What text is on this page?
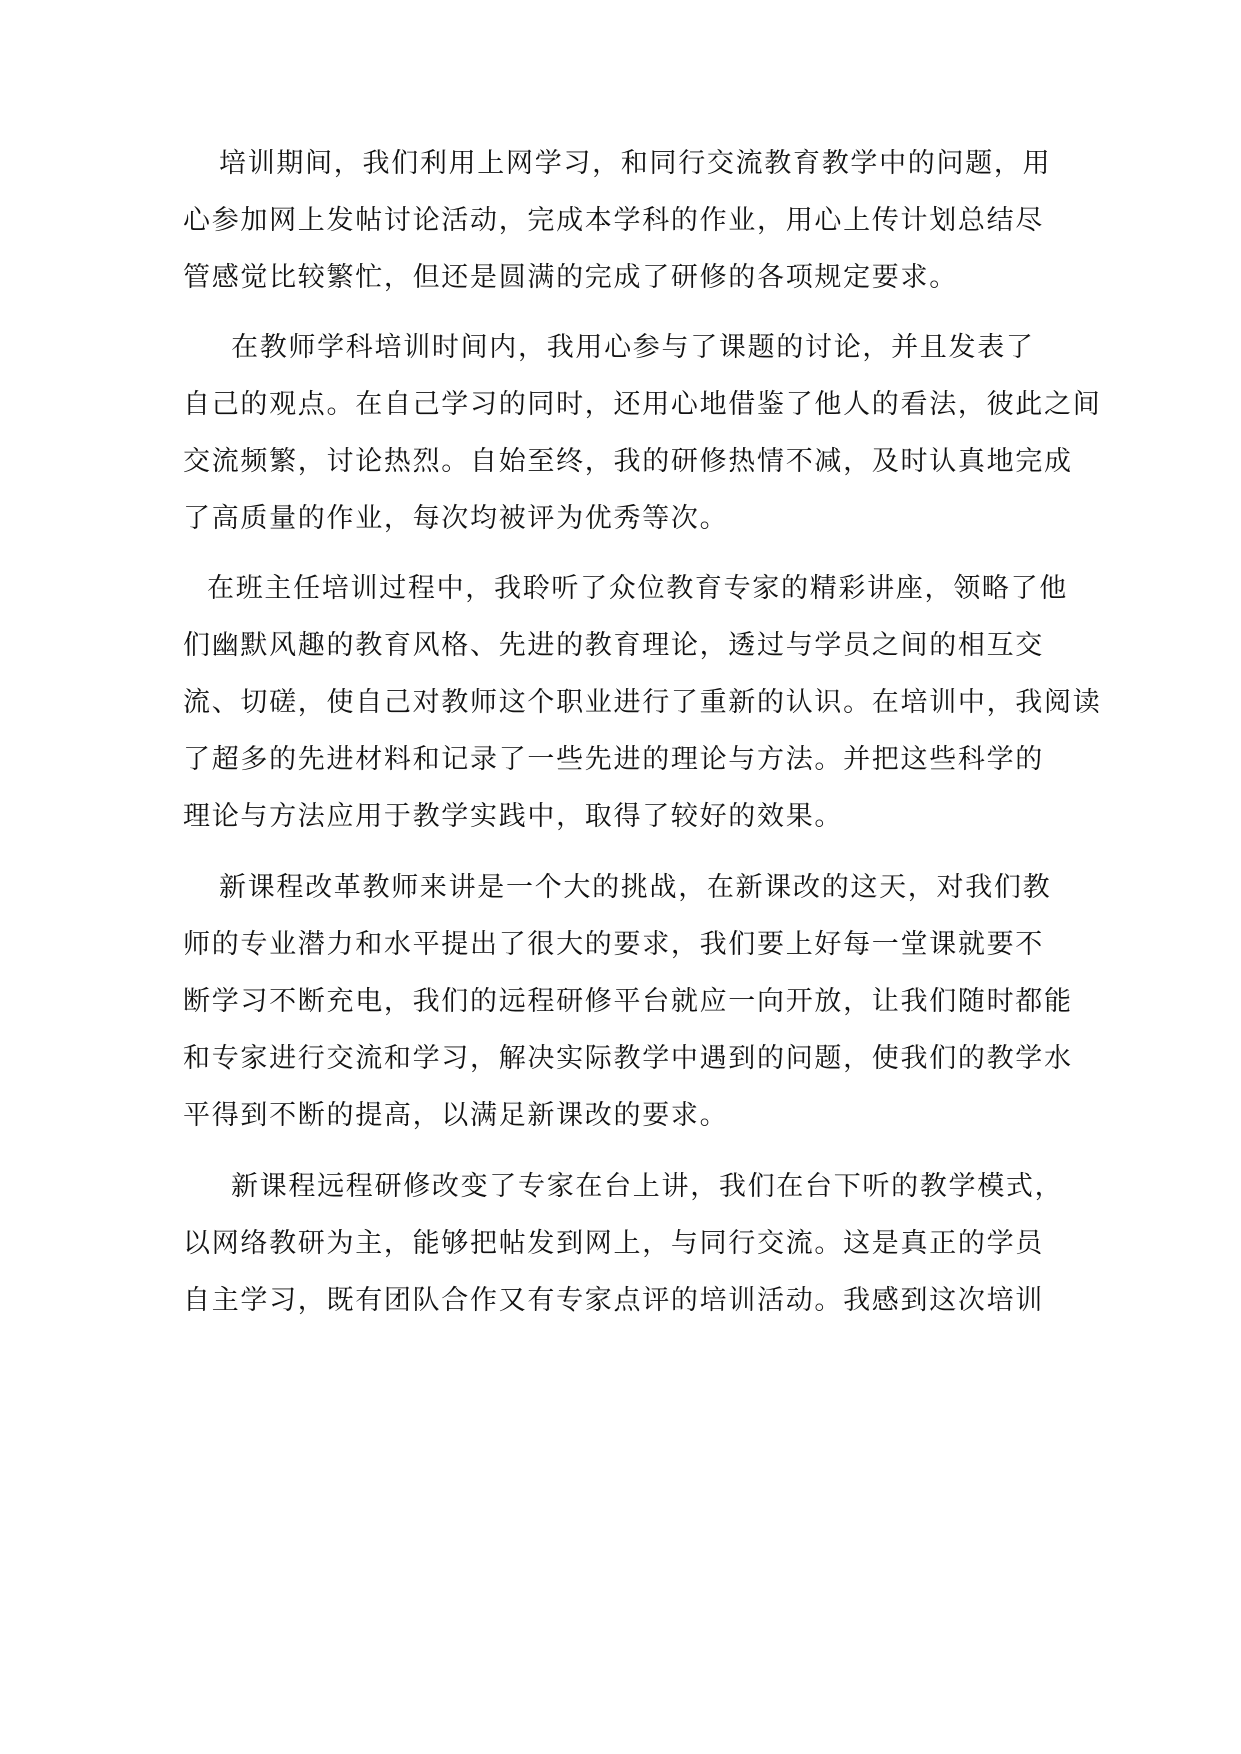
培训期间，我们利用上网学习，和同行交流教育教学中的问题，用

心参加网上发帖讨论活动，完成本学科的作业，用心上传计划总结尽

管感觉比较繁忙，但还是圆满的完成了研修的各项规定要求。

在教师学科培训时间内，我用心参与了课题的讨论，并且发表了

自己的观点。在自己学习的同时，还用心地借鉴了他人的看法，彼此之间

交流频繁，讨论热烈。自始至终，我的研修热情不减，及时认真地完成

了高质量的作业，每次均被评为优秀等次。

在班主任培训过程中，我聆听了众位教育专家的精彩讲座，领略了他

们幽默风趣的教育风格、先进的教育理论，透过与学员之间的相互交

流、切磋，使自己对教师这个职业进行了重新的认识。在培训中，我阅读

了超多的先进材料和记录了一些先进的理论与方法。并把这些科学的

理论与方法应用于教学实践中，取得了较好的效果。

新课程改革教师来讲是一个大的挑战，在新课改的这天，对我们教

师的专业潜力和水平提出了很大的要求，我们要上好每一堂课就要不

断学习不断充电，我们的远程研修平台就应一向开放，让我们随时都能

和专家进行交流和学习，解决实际教学中遇到的问题，使我们的教学水

平得到不断的提高，以满足新课改的要求。

新课程远程研修改变了专家在台上讲，我们在台下听的教学模式，

以网络教研为主，能够把帖发到网上，与同行交流。这是真正的学员

自主学习，既有团队合作又有专家点评的培训活动。我感到这次培训
